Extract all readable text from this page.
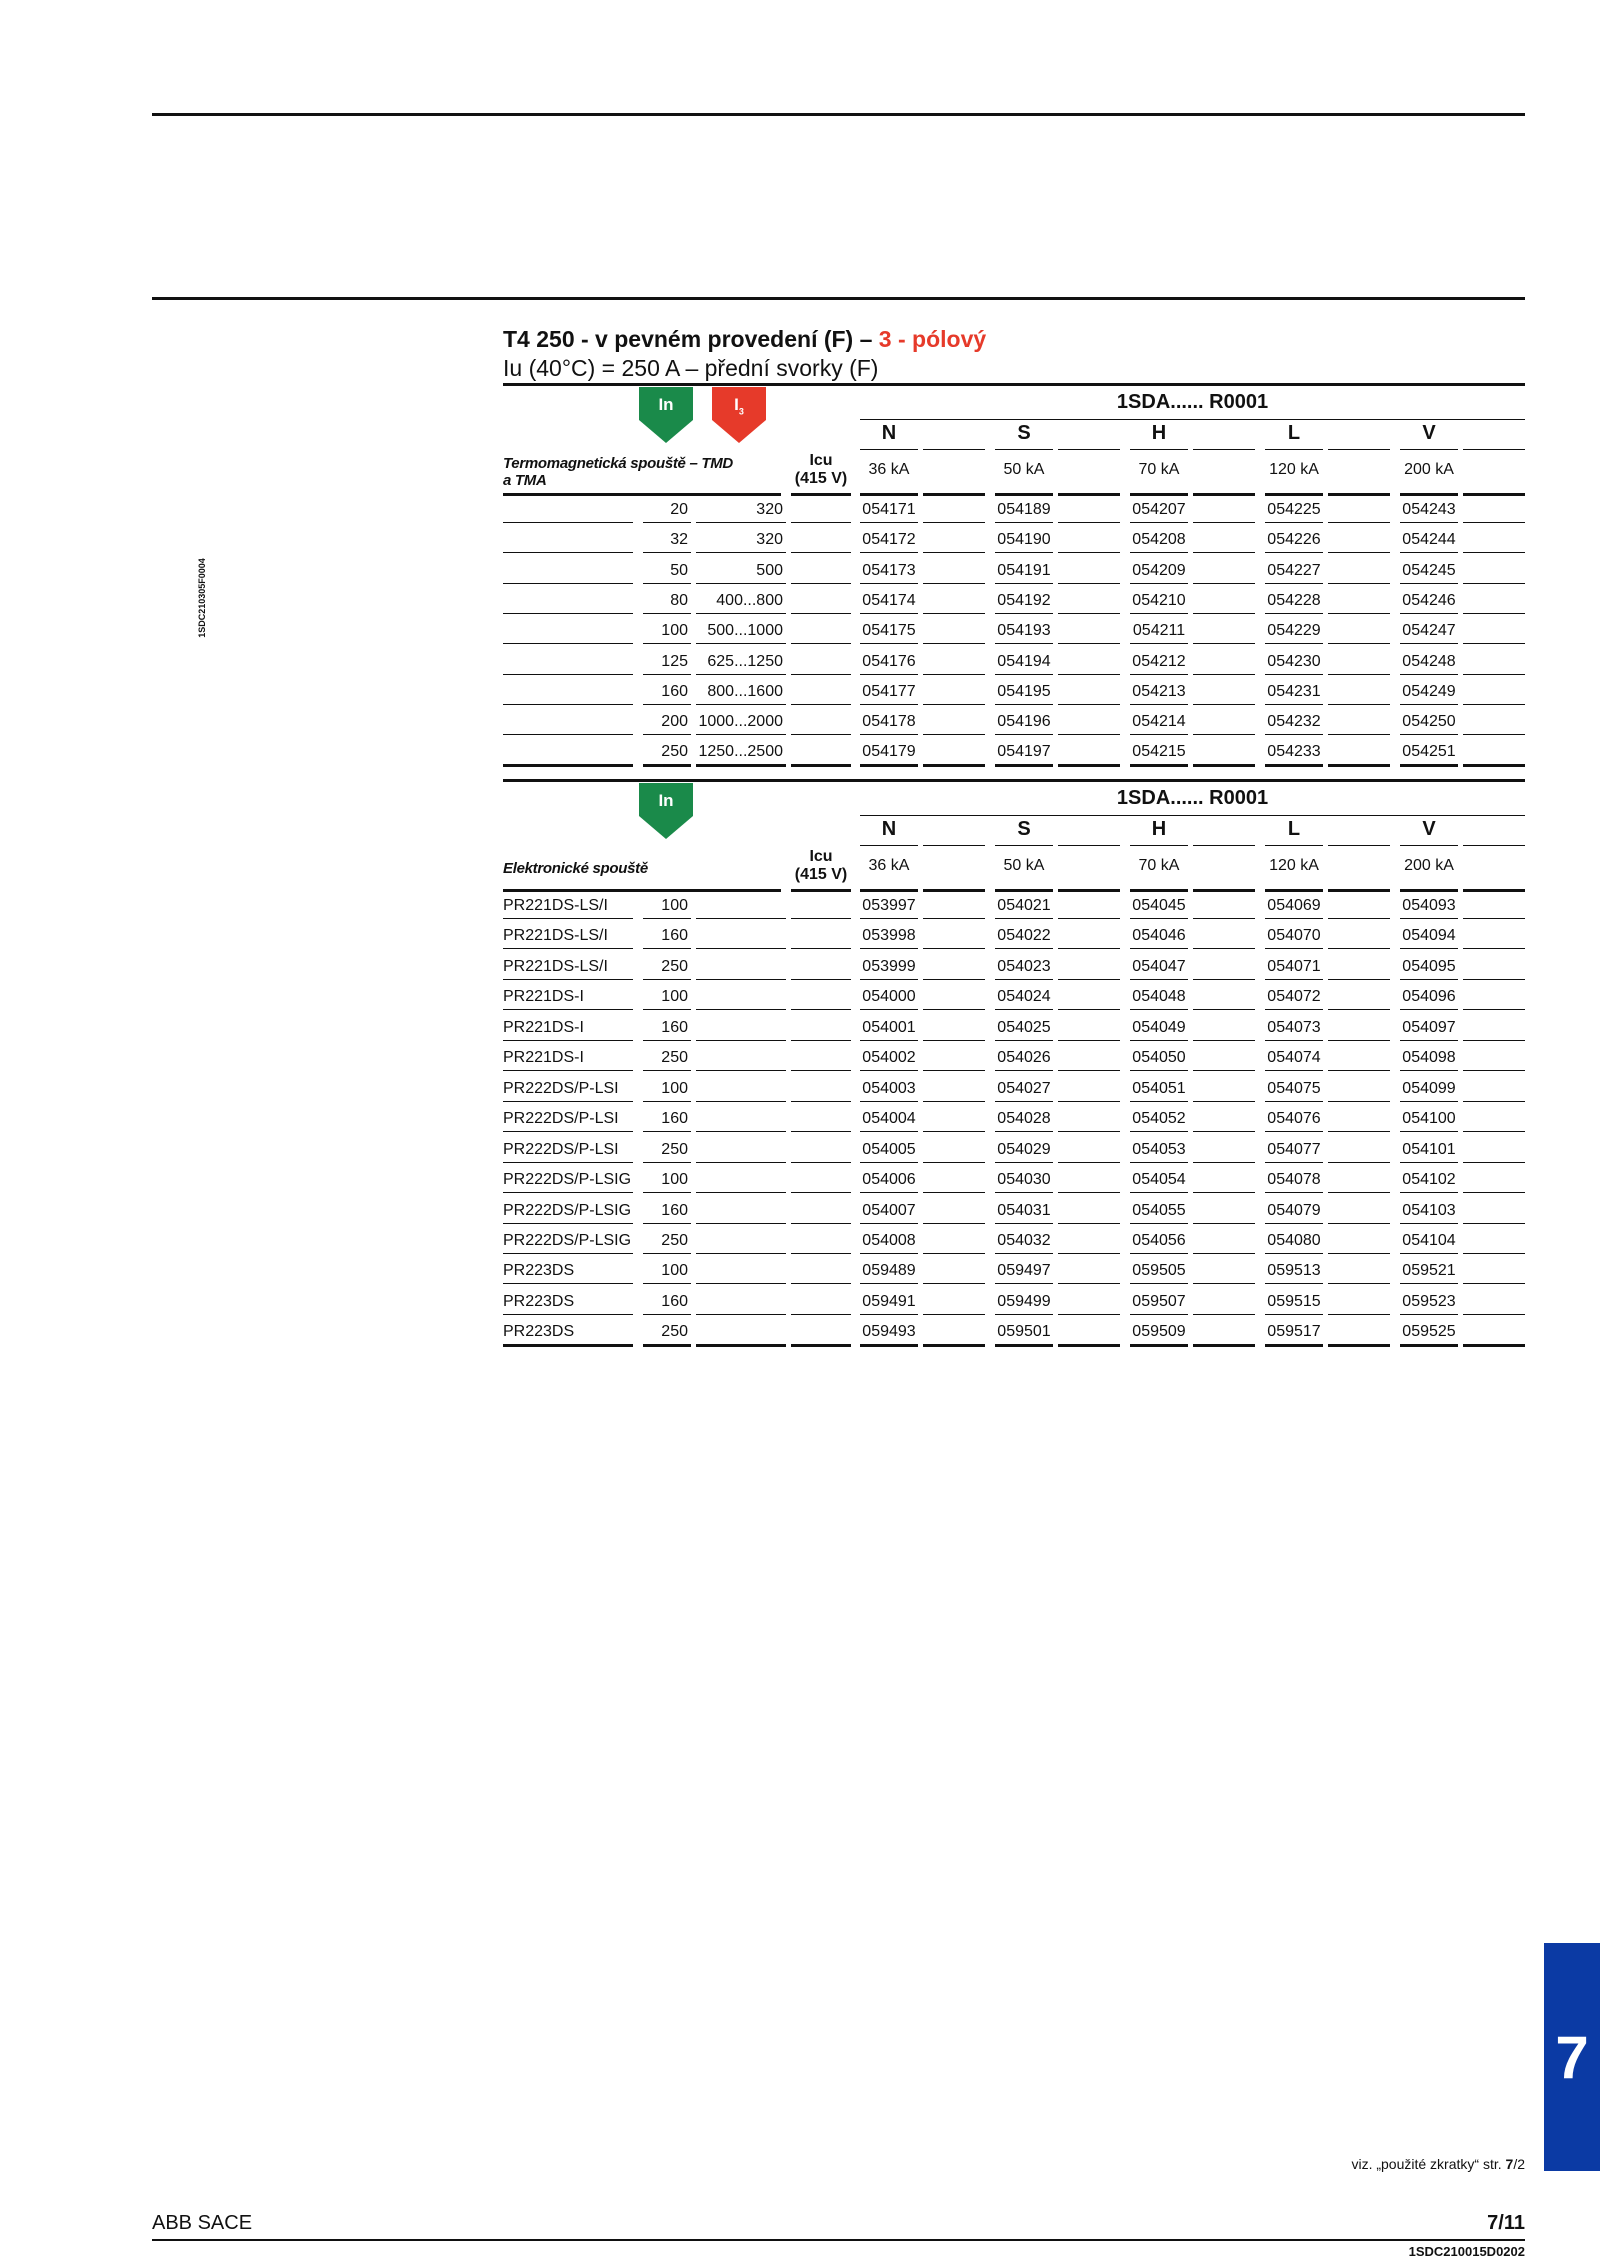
1SDC210305F0004
T4 250 - v pevném provedení (F) – 3 - pólový
Iu (40°C) = 250 A – přední svorky (F)
In	$I_3$	1SDA...... R0001
Icu
(415 V)
Termomagnetická spouště – TMD
a TMA
N
36 kA
S
50 kA
H
70 kA
L
120 kA
V
200 kA
20	320	054171	054189	054207	054225	054243
32	320	054172	054190	054208	054226	054244
50	500	054173	054191	054209	054227	054245
80	400...800	054174	054192	054210	054228	054246
100	500...1000	054175	054193	054211	054229	054247
125	625...1250	054176	054194	054212	054230	054248
160	800...1600	054177	054195	054213	054231	054249
200 1000...2000	054178	054196	054214	054232	054250
250 1250...2500	054179	054197	054215	054233	054251
In	1SDA...... R0001
Icu
(415 V)
Elektronické spouště
N
36 kA
S
50 kA
H
70 kA
L
120 kA
V
200 kA
PR221DS-LS/I	100	053997	054021	054045	054069	054093
PR221DS-LS/I	160	053998	054022	054046	054070	054094
PR221DS-LS/I	250	053999	054023	054047	054071	054095
PR221DS-I	100	054000	054024	054048	054072	054096
PR221DS-I	160	054001	054025	054049	054073	054097
PR221DS-I	250	054002	054026	054050	054074	054098
PR222DS/P-LSI	100	054003	054027	054051	054075	054099
PR222DS/P-LSI	160	054004	054028	054052	054076	054100
PR222DS/P-LSI	250	054005	054029	054053	054077	054101
PR222DS/P-LSIG	100	054006	054030	054054	054078	054102
PR222DS/P-LSIG	160	054007	054031	054055	054079	054103
PR222DS/P-LSIG	250	054008	054032	054056	054080	054104
PR223DS	100	059489	059497	059505	059513	059521
PR223DS	160	059491	059499	059507	059515	059523
PR223DS	250	059493	059501	059509	059517	059525
7
viz. „použité zkratky“ str. 7/2
ABB SACE	7/11
1SDC210015D0202
